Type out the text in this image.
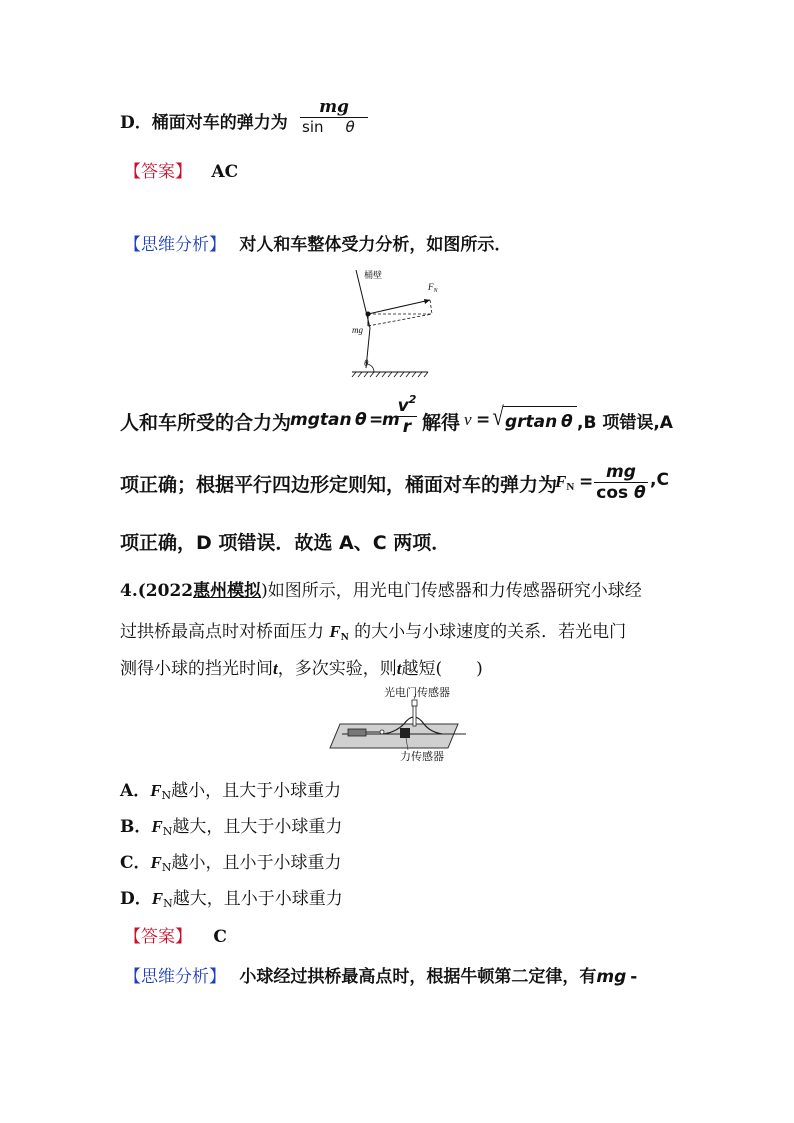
D．桶面对车的弹力为
mg
sin θ
【答案】 AC
【思维分析】 对人和车整体受力分析，如图所示．
桶壁
$F_N$
mg
θ
人和车所受的合力为
mgtan θ =
m
$v^2$
r 解得 v = √ grtan θ ,B 项错误,A
项正确；根据平行四边形定则知，桶面对车的弹力为
$F_N$ = mg
cos θ
,C
项正确，D 项错误．故选 A、C 两项．
4.(2022惠州模拟)如图所示，用光电门传感器和力传感器研究小球经
过拱桥最高点时对桥面压力 $F_N$ 的大小与小球速度的关系．若光电门
测得小球的挡光时间t，多次实验，则t越短(　　)
光电门传感器
力传感器
A．$F_N$越小，且大于小球重力
B．$F_N$越大，且大于小球重力
C．$F_N$越小，且小于小球重力
D．$F_N$越大，且小于小球重力
【答案】 C
【思维分析】 小球经过拱桥最高点时，根据牛顿第二定律，有mg -
